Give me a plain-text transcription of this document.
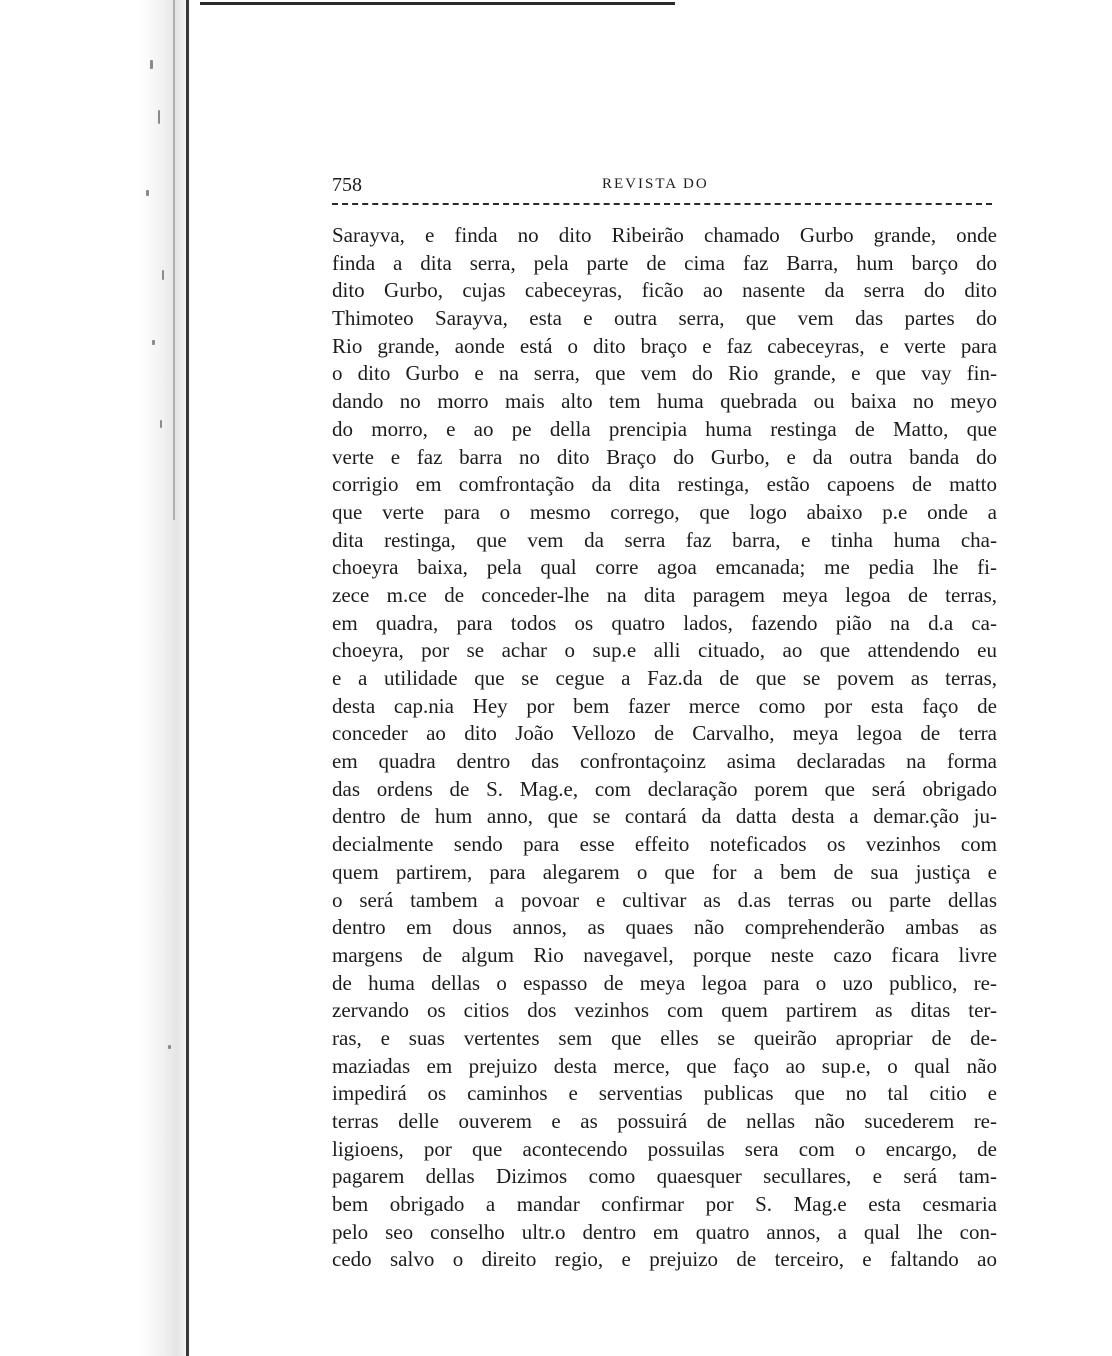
758	REVISTA DO
Sarayva, e finda no dito Ribeirão chamado Gurbo grande, onde
finda a dita serra, pela parte de cima faz Barra, hum barço do
dito Gurbo, cujas cabeceyras, ficão ao nasente da serra do dito
Thimoteo Sarayva, esta e outra serra, que vem das partes do
Rio grande, aonde está o dito braço e faz cabeceyras, e verte para
o dito Gurbo e na serra, que vem do Rio grande, e que vay fin-
dando no morro mais alto tem huma quebrada ou baixa no meyo
do morro, e ao pe della prencipia huma restinga de Matto, que
verte e faz barra no dito Braço do Gurbo, e da outra banda do
corrigio em comfrontação da dita restinga, estão capoens de matto
que verte para o mesmo corrego, que logo abaixo p.e onde a
dita restinga, que vem da serra faz barra, e tinha huma cha-
choeyra baixa, pela qual corre agoa emcanada; me pedia lhe fi-
zece m.ce de conceder-lhe na dita paragem meya legoa de terras,
em quadra, para todos os quatro lados, fazendo pião na d.a ca-
choeyra, por se achar o sup.e alli cituado, ao que attendendo eu
e a utilidade que se cegue a Faz.da de que se povem as terras,
desta cap.nia Hey por bem fazer merce como por esta faço de
conceder ao dito João Vellozo de Carvalho, meya legoa de terra
em quadra dentro das confrontaçoinz asima declaradas na forma
das ordens de S. Mag.e, com declaração porem que será obrigado
dentro de hum anno, que se contará da datta desta a demar.ção ju-
decialmente sendo para esse effeito noteficados os vezinhos com
quem partirem, para alegarem o que for a bem de sua justiça e
o será tambem a povoar e cultivar as d.as terras ou parte dellas
dentro em dous annos, as quaes não comprehenderão ambas as
margens de algum Rio navegavel, porque neste cazo ficara livre
de huma dellas o espasso de meya legoa para o uzo publico, re-
zervando os citios dos vezinhos com quem partirem as ditas ter-
ras, e suas vertentes sem que elles se queirão apropriar de de-
maziadas em prejuizo desta merce, que faço ao sup.e, o qual não
impedirá os caminhos e serventias publicas que no tal citio e
terras delle ouverem e as possuirá de nellas não sucederem re-
ligioens, por que acontecendo possuilas sera com o encargo, de
pagarem dellas Dizimos como quaesquer secullares, e será tam-
bem obrigado a mandar confirmar por S. Mag.e esta cesmaria
pelo seo conselho ultr.o dentro em quatro annos, a qual lhe con-
cedo salvo o direito regio, e prejuizo de terceiro, e faltando ao
